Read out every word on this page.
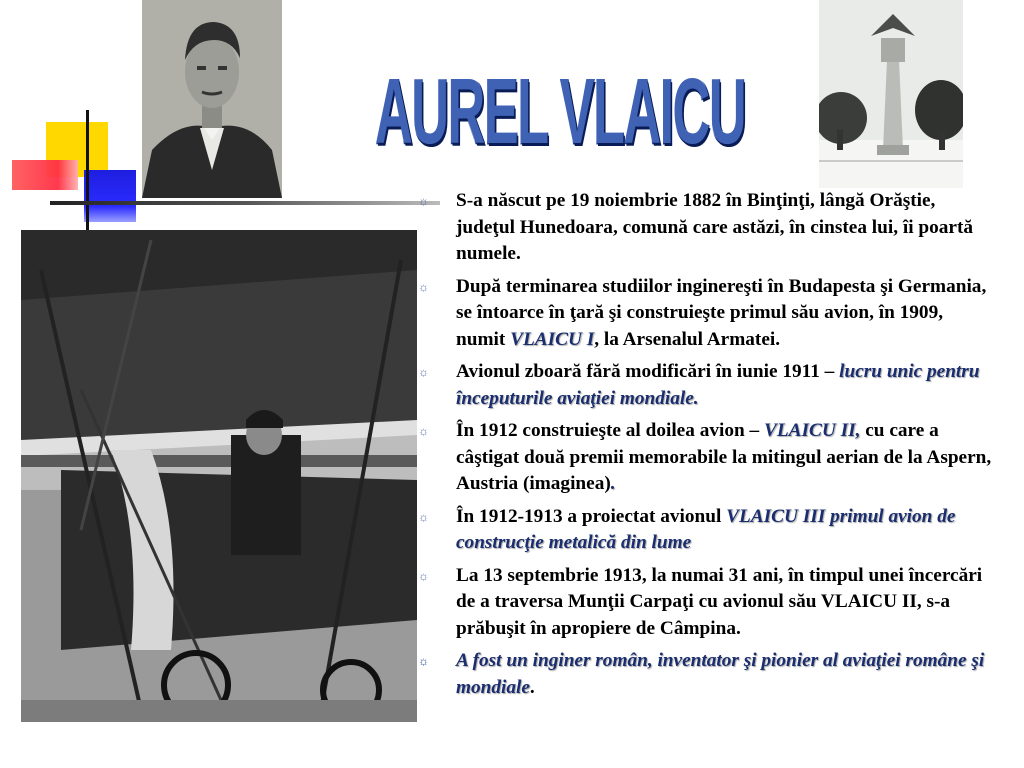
AUREL VLAICU
☼ S-a născut pe 19 noiembrie 1882 în Binţinţi, lângă Orăştie, judeţul Hunedoara, comună care astăzi, în cinstea lui, îi poartă numele.
☼ După terminarea studiilor inginereşti în Budapesta şi Germania, se întoarce în ţară şi construieşte primul său avion, în 1909, numit VLAICU I, la Arsenalul Armatei.
☼ Avionul zboară fără modificări în iunie 1911 – lucru unic pentru începuturile aviaţiei mondiale.
☼ În 1912 construieşte al doilea avion – VLAICU II, cu care a câştigat două premii memorabile la mitingul aerian de la Aspern, Austria (imaginea).
☼ În 1912-1913 a proiectat avionul VLAICU III primul avion de construcţie metalică din lume
☼ La 13 septembrie 1913, la numai 31 ani, în timpul unei încercări de a traversa Munţii Carpaţi cu avionul său VLAICU II, s-a prăbuşit în apropiere de Câmpina.
☼ A fost un inginer român, inventator şi pionier al aviaţiei române şi mondiale.
